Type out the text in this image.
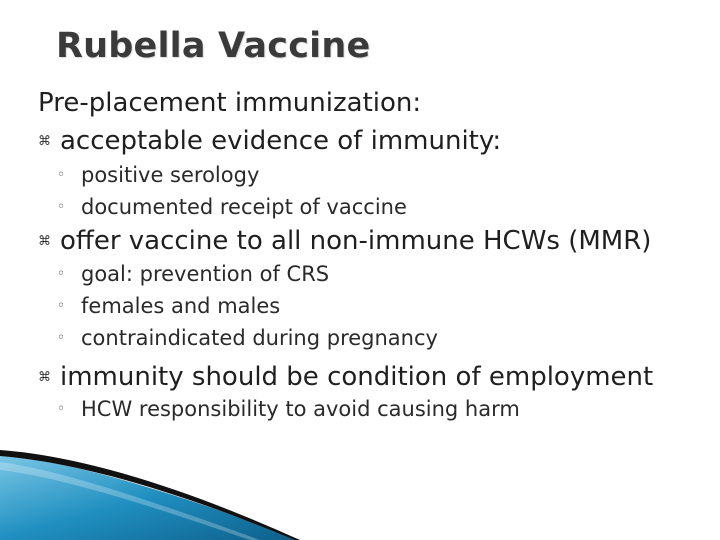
Rubella Vaccine
Pre-placement immunization:
⌘ acceptable evidence of immunity:
◦ positive serology
◦ documented receipt of vaccine
⌘ offer vaccine to all non-immune HCWs (MMR)
◦ goal: prevention of CRS
◦ females and males
◦ contraindicated during pregnancy
⌘ immunity should be condition of employment
◦ HCW responsibility to avoid causing harm
